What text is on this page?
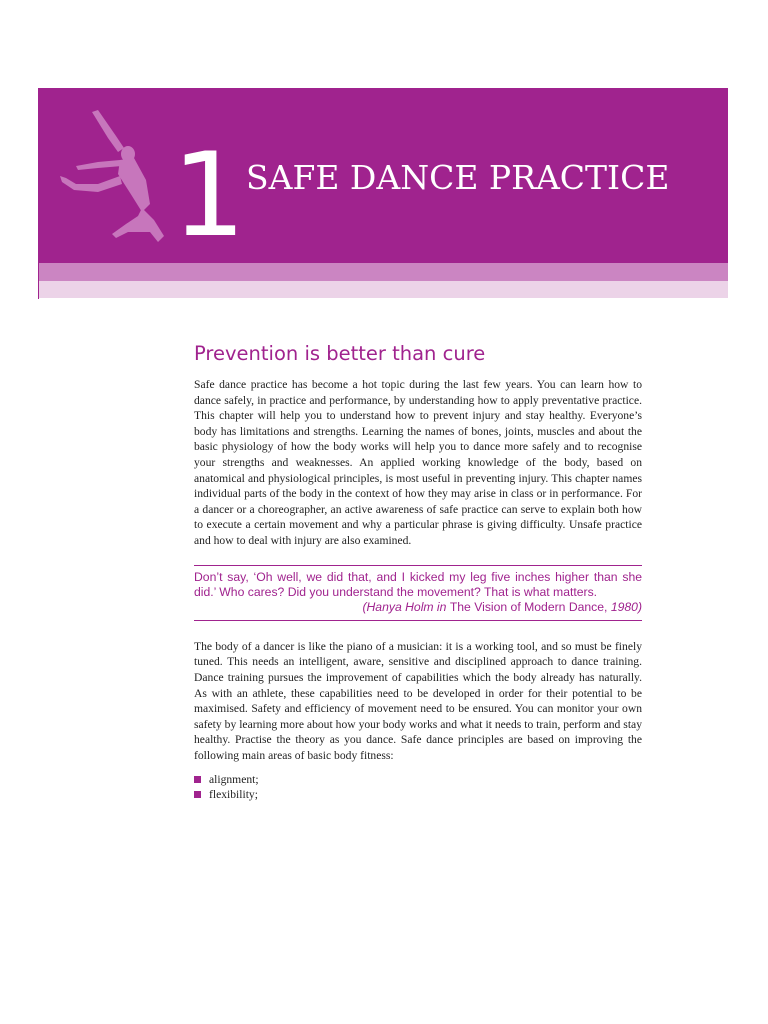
1 SAFE DANCE PRACTICE
Prevention is better than cure

Safe dance practice has become a hot topic during the last few years. You can learn how to dance safely, in practice and performance, by understanding how to apply preventative practice. This chapter will help you to understand how to prevent injury and stay healthy. Everyone’s body has limitations and strengths. Learning the names of bones, joints, muscles and about the basic physiology of how the body works will help you to dance more safely and to recognise your strengths and weaknesses. An applied working knowledge of the body, based on anatomical and physiological principles, is most useful in preventing injury. This chapter names individual parts of the body in the context of how they may arise in class or in performance. For a dancer or a choreographer, an active awareness of safe practice can serve to explain both how to execute a certain movement and why a particular phrase is giving difficulty. Unsafe practice and how to deal with injury are also examined.

Don’t say, ‘Oh well, we did that, and I kicked my leg five inches higher than she did.’ Who cares? Did you understand the movement? That is what matters.
(Hanya Holm in The Vision of Modern Dance, 1980)

The body of a dancer is like the piano of a musician: it is a working tool, and so must be finely tuned. This needs an intelligent, aware, sensitive and disciplined approach to dance training. Dance training pursues the improvement of capabilities which the body already has naturally. As with an athlete, these capabilities need to be developed in order for their potential to be maximised. Safety and efficiency of movement need to be ensured. You can monitor your own safety by learning more about how your body works and what it needs to train, perform and stay healthy. Practise the theory as you dance. Safe dance principles are based on improving the following main areas of basic body fitness:

alignment;
flexibility;
